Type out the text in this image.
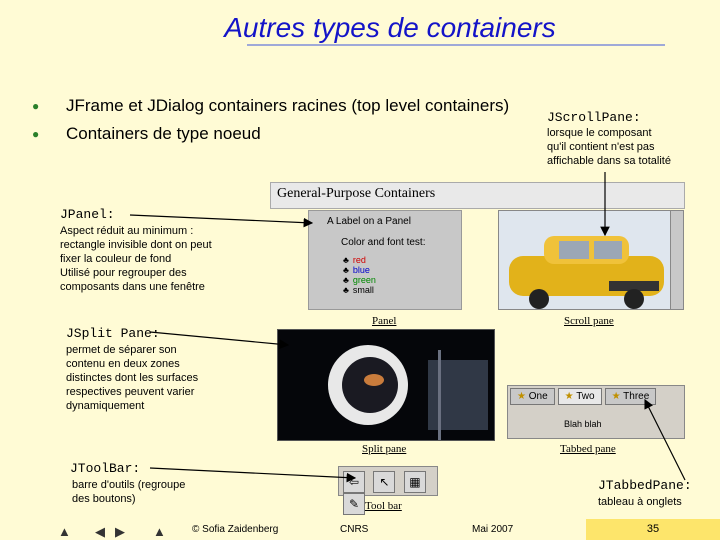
Autres types de containers
●	JFrame et JDialog containers racines (top level containers)
●	Containers de type noeud
JScrollPane:
lorsque le composant
qu'il contient n'est pas
affichable dans sa totalité
JPanel:
Aspect réduit au minimum :
rectangle invisible dont on peut
fixer la couleur de fond
Utilisé pour regrouper des
composants dans une fenêtre
JSplit Pane:
permet de séparer son
contenu en deux zones
distinctes dont les surfaces
respectives peuvent varier
dynamiquement
JToolBar:
barre d'outils (regroupe
des boutons)
JTabbedPane:
tableau à onglets
General-Purpose Containers
A Label on a Panel
Color and font test:
♣ red
♣ blue
♣ green
♣ small
Panel	Scroll pane
Split pane
★ One	★ Two	★ Three
Blah blah
Tabbed pane
⇦ ↖ ▦ ✎ Tool bar
▲ ◀ ▶ ▲	© Sofia Zaidenberg	CNRS	Mai 2007	35
